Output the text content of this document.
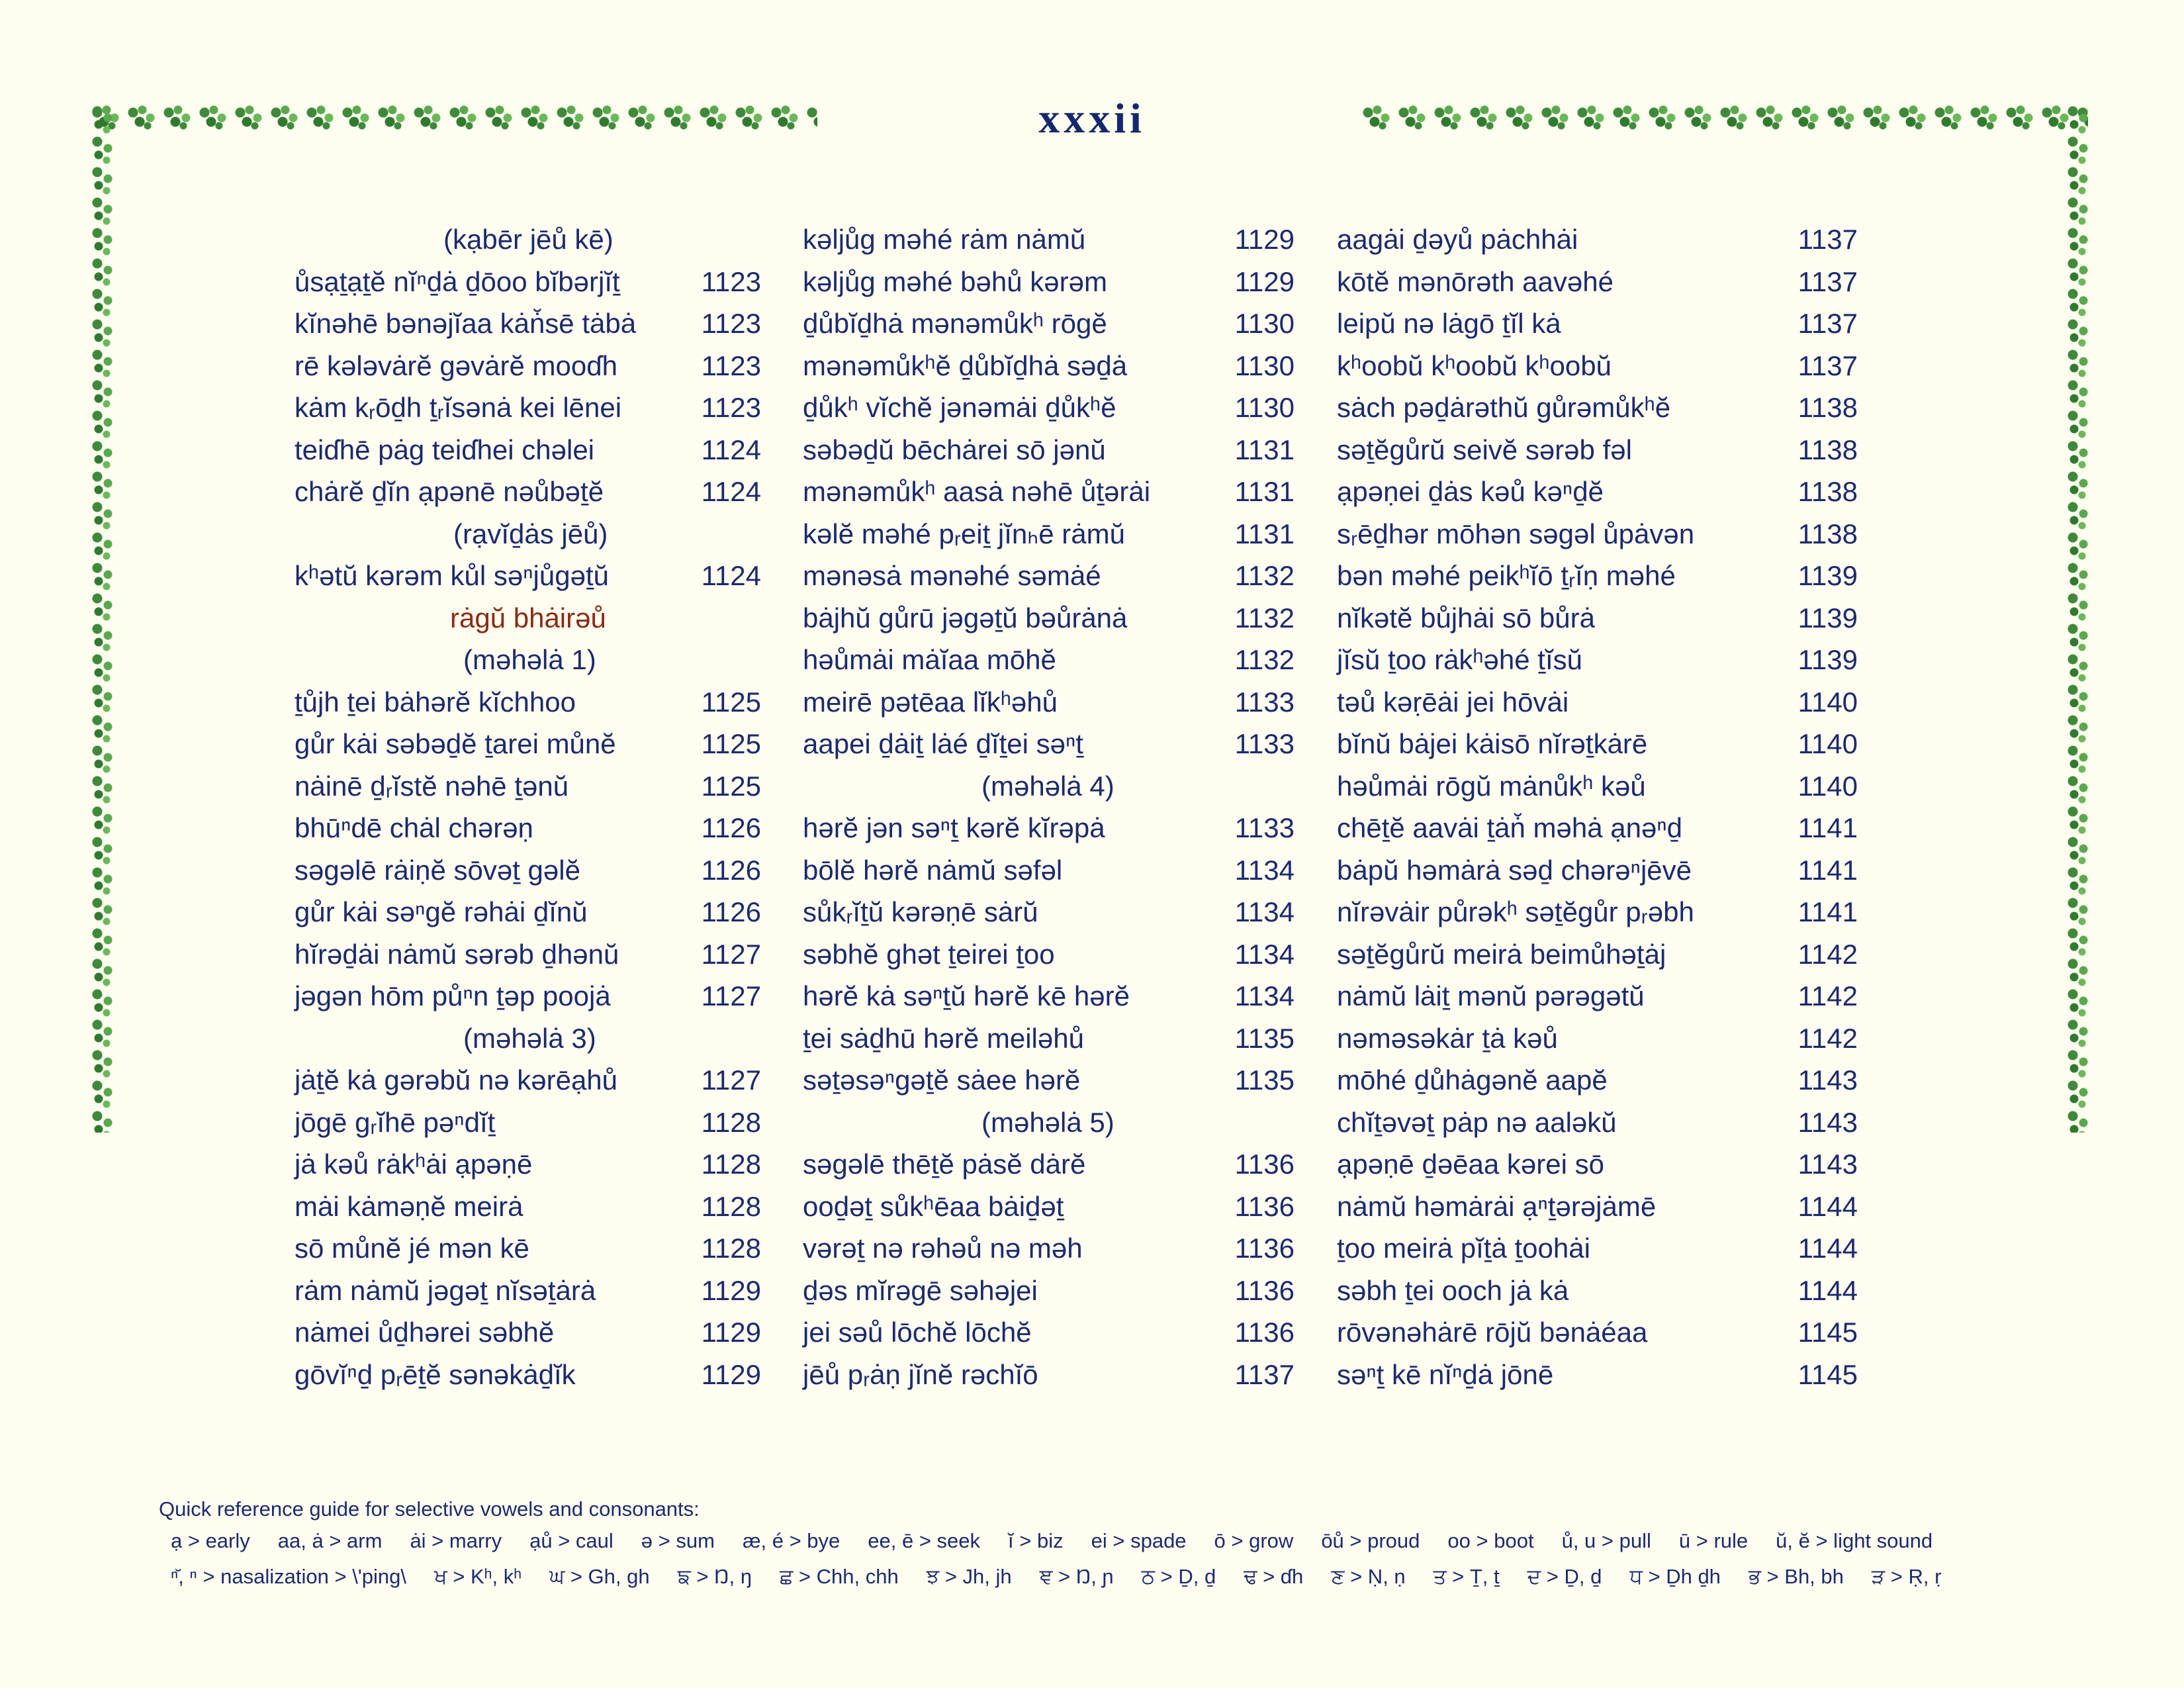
xxxii
(kạbēr jēů kē)
ůsạṯạṯĕ nĭⁿḏȧ ḏōoo bĭbərjĭṯ	1123
kĭnəhē bənəjĭaa kȧṅ̆sē tȧbȧ 1123
rē kələvȧrĕ gəvȧrĕ mooɗh	1123
kȧm kᵣōḏh ṯᵣĭsənȧ kei lēnei	1123
teiɗhē pȧg teiɗhei chəlei	1124
chȧrĕ ḏĭn ạpənē nəůbəṯĕ	1124
(rạvĭḏȧs jēů)
kʰətŭ kərəm kůl səⁿjůgəṯŭ	1124
rȧgŭ bhȧirəů
(məhəlȧ 1)
ṯůjh ṯei bȧhərĕ kĭchhoo	1125
gůr kȧi səbəḏĕ ṯarei můnĕ	1125
nȧinē ḏᵣĭstĕ nəhē ṯənŭ	1125
bhūⁿdē chȧl chərəṇ	1126
səgəlē rȧiṇĕ sōvəṯ gəlĕ	1126
gůr kȧi səⁿgĕ rəhȧi ḏĭnŭ	1126
hĭrəḏȧi nȧmŭ sərəb ḏhənŭ	1127
jəgən hōm půⁿn ṯəp poojȧ	1127
(məhəlȧ 3)
jȧṯĕ kȧ gərəbŭ nə kərēạhů	1127
jōgē gᵣĭhē pəⁿdĭṯ	1128
jȧ kəů rȧkʰȧi ạpəṇē	1128
mȧi kȧməṇĕ meirȧ	1128
sō můnĕ jé mən kē	1128
rȧm nȧmŭ jəgəṯ nĭsəṯȧrȧ	1129
nȧmei ůḏhərei səbhĕ	1129
gōvĭⁿḏ pᵣēṯĕ sənəkȧḏĭk	1129
kəljůg məhé rȧm nȧmŭ	1129
kəljůg məhé bəhů kərəm	1129
ḏůbĭḏhȧ mənəmůkʰ rōgĕ	1130
mənəmůkʰĕ ḏůbĭḏhȧ səḏȧ	1130
ḏůkʰ vĭchĕ jənəmȧi ḏůkʰĕ	1130
səbəḏŭ bēchȧrei sō jənŭ	1131
mənəmůkʰ aasȧ nəhē ůṯərȧi	1131
kəlĕ məhé pᵣeiṯ jĭnₕē rȧmŭ	1131
mənəsȧ mənəhé səmȧé	1132
bȧjhŭ gůrū jəgəṯŭ bəůrȧnȧ	1132
həůmȧi mȧĭaa mōhĕ	1132
meirē pətēaa lĭkʰəhů	1133
aapei ḏȧiṯ lȧé ḏĭṯei səⁿṯ	1133
(məhəlȧ 4)
hərĕ jən səⁿṯ kərĕ kĭrəpȧ	1133
bōlĕ hərĕ nȧmŭ səfəl	1134
sůkᵣĭṯŭ kərəṇē sȧrŭ	1134
səbhĕ ghət ṯeirei ṯoo	1134
hərĕ kȧ səⁿṯŭ hərĕ kē hərĕ	1134
ṯei sȧḏhū hərĕ meiləhů	1135
səṯəsəⁿgəṯĕ sȧee hərĕ	1135
(məhəlȧ 5)
səgəlē thēṯĕ pȧsĕ dȧrĕ	1136
ooḏəṯ sůkʰēaa bȧiḏəṯ	1136
vərəṯ nə rəhəů nə məh	1136
ḏəs mĭrəgē səhəjei	1136
jei səů lōchĕ lōchĕ	1136
jēů pᵣȧṇ jĭnĕ rəchĭō	1137
aagȧi ḏəyů pȧchhȧi	1137
kōtĕ mənōrəth aavəhé	1137
leipŭ nə lȧgō ṯĭl kȧ	1137
kʰoobŭ kʰoobŭ kʰoobŭ	1137
sȧch pəḏȧrəthŭ gůrəmůkʰĕ	1138
səṯĕgůrŭ seivĕ sərəb fəl	1138
ạpəṇei ḏȧs kəů kəⁿḏĕ	1138
sᵣēḏhər mōhən səgəl ůpȧvən	1138
bən məhé peikʰĭō ṯᵣĭṇ məhé	1139
nĭkətĕ bůjhȧi sō bůrȧ	1139
jĭsŭ ṯoo rȧkʰəhé ṯĭsŭ	1139
təů kəṛēȧi jei hōvȧi	1140
bĭnŭ bȧjei kȧisō nĭrəṯkȧrē	1140
həůmȧi rōgŭ mȧnůkʰ kəů	1140
chēṯĕ aavȧi ṯȧṅ̆ məhȧ ạnəⁿḏ	1141
bȧpŭ həmȧrȧ səḏ chərəⁿjēvē	1141
nĭrəvȧir půrəkʰ səṯĕgůr pᵣəbh	1141
səṯĕgůrŭ meirȧ beimůhəṯȧj	1142
nȧmŭ lȧiṯ mənŭ pərəgətŭ	1142
nəməsəkȧr ṯȧ kəů	1142
mōhé ḏůhȧgənĕ aapĕ	1143
chĭṯəvəṯ pȧp nə aaləkŭ	1143
ạpəṇē ḏəēaa kərei sō	1143
nȧmŭ həmȧrȧi ạⁿṯərəjȧmē	1144
ṯoo meirȧ pĭṯȧ ṯoohȧi	1144
səbh ṯei ooch jȧ kȧ	1144
rōvənəhȧrē rōjŭ bənȧéaa	1145
səⁿṯ kē nĭⁿḏȧ jōnē	1145
Quick reference guide for selective vowels and consonants:
ạ > early aa, ȧ > arm ȧi > marry ạů > caul ə > sum æ, é > bye ee, ē > seek ĭ > biz ei > spade ō > grow ōů > proud oo > boot ů, u > pull ū > rule ŭ, ĕ > light sound
ⁿ̆, ⁿ > nasalization > \'ping\ ਖ > Kʰ, kʰ ਘ > Gh, gh ਙ > Ŋ, ŋ ਛ > Chh, chh ਝ > Jh, jh ਞ > Ŋ, ɲ ਠ > Ḏ, ḏ ਢ > ɗh ਣ > Ṇ, ṇ ਤ > Ṯ, ṯ ਦ > Ḏ, ḏ ਧ > Ḏh ḏh ਭ > Bh, bh ੜ > Ṛ, ṛ
